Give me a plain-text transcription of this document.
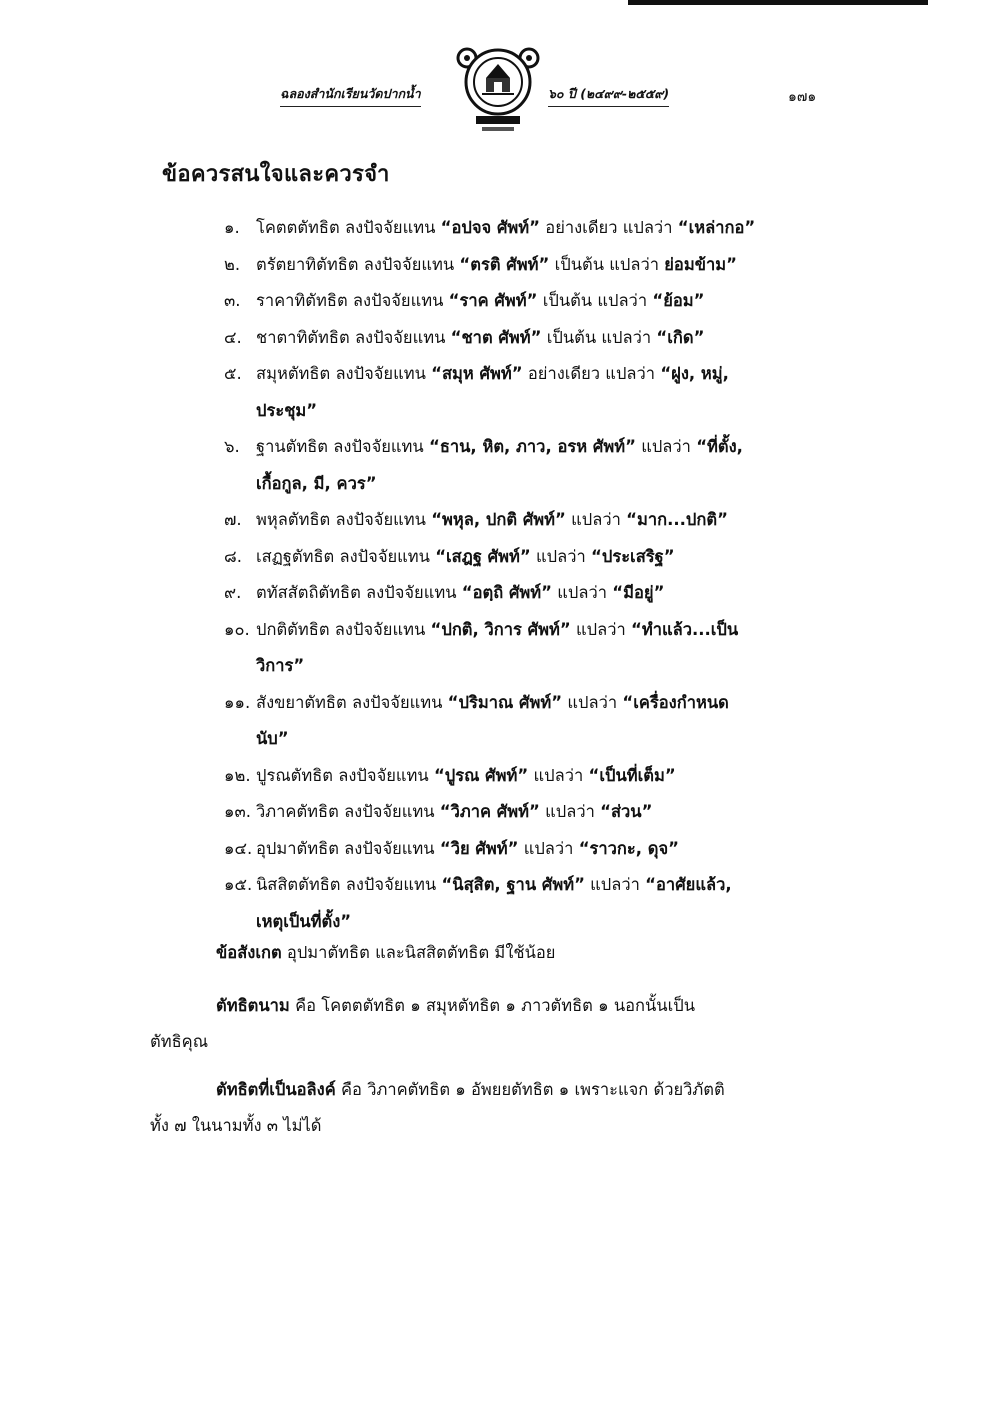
ฉลองสำนักเรียนวัดปากน้ำ	๖๐ ปี (๒๔๙๙-๒๕๕๙)	๑๗๑
ข้อควรสนใจและควรจำ
๑. โคตตตัทธิต ลงปัจจัยแทน “อปจจ ศัพท์” อย่างเดียว แปลว่า “เหล่ากอ”
๒. ตรัตยาทิตัทธิต ลงปัจจัยแทน “ตรติ ศัพท์” เป็นต้น แปลว่า ย่อมข้าม”
๓. ราคาทิตัทธิต ลงปัจจัยแทน “ราค ศัพท์” เป็นต้น แปลว่า “ย้อม”
๔. ชาตาทิตัทธิต ลงปัจจัยแทน “ชาต ศัพท์” เป็นต้น แปลว่า “เกิด”
๕. สมุหตัทธิต ลงปัจจัยแทน “สมุห ศัพท์” อย่างเดียว แปลว่า “ฝูง, หมู่,
ประชุม”
๖. ฐานตัทธิต ลงปัจจัยแทน “ธาน, หิต, ภาว, อรห ศัพท์” แปลว่า “ที่ตั้ง,
เกื้อกูล, มี, ควร”
๗. พหุลตัทธิต ลงปัจจัยแทน “พหุล, ปกติ ศัพท์” แปลว่า “มาก...ปกติ”
๘. เสฏฐตัทธิต ลงปัจจัยแทน “เสฎฐ ศัพท์” แปลว่า “ประเสริฐ”
๙. ตทัสสัตถิตัทธิต ลงปัจจัยแทน “อตฺถิ ศัพท์” แปลว่า “มีอยู่”
๑๐. ปกติตัทธิต ลงปัจจัยแทน “ปกติ, วิการ ศัพท์” แปลว่า “ทำแล้ว...เป็น
วิการ”
๑๑. สังขยาตัทธิต ลงปัจจัยแทน “ปริมาณ ศัพท์” แปลว่า “เครื่องกำหนด
นับ”
๑๒. ปูรณตัทธิต ลงปัจจัยแทน “ปูรณ ศัพท์” แปลว่า “เป็นที่เต็ม”
๑๓. วิภาคตัทธิต ลงปัจจัยแทน “วิภาค ศัพท์” แปลว่า “ส่วน”
๑๔. อุปมาตัทธิต ลงปัจจัยแทน “วิย ศัพท์” แปลว่า “ราวกะ, ดุจ”
๑๕. นิสสิตตัทธิต ลงปัจจัยแทน “นิสฺสิต, ฐาน ศัพท์” แปลว่า “อาศัยแล้ว,
เหตุเป็นที่ตั้ง”
ข้อสังเกต อุปมาตัทธิต และนิสสิตตัทธิต มีใช้น้อย
ตัทธิตนาม คือ โคตตตัทธิต ๑ สมุหตัทธิต ๑ ภาวตัทธิต ๑ นอกนั้นเป็น
ตัทธิคุณ
ตัทธิตที่เป็นอลิงค์ คือ วิภาคตัทธิต ๑ อัพยยตัทธิต ๑ เพราะแจก ด้วยวิภัตติ
ทั้ง ๗ ในนามทั้ง ๓ ไม่ได้
